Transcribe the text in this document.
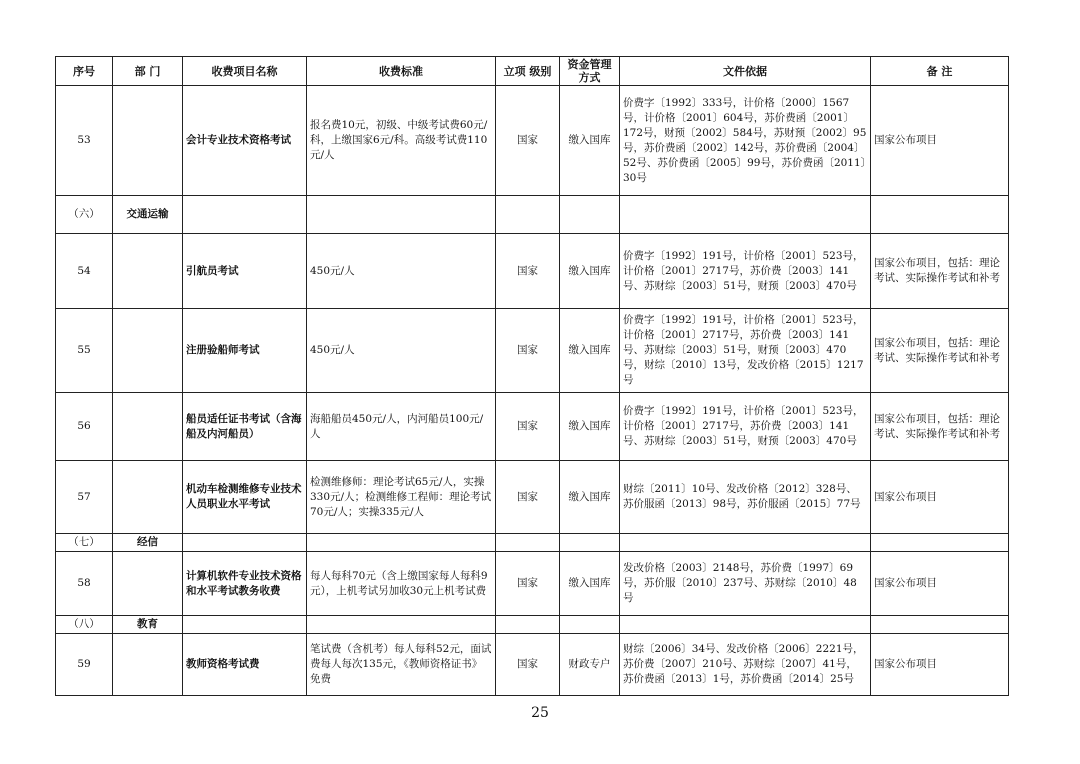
序号	部 门	收费项目名称	收费标准	立项 级别	资金管理方式	文件依据	备 注
53		会计专业技术资格考试	报名费10元，初级、中级考试费60元/科，上缴国家6元/科。高级考试费110元/人	国家	缴入国库	价费字〔1992〕333号，计价格〔2000〕1567号，计价格〔2001〕604号，苏价费函〔2001〕172号，财预〔2002〕584号，苏财预〔2002〕95号，苏价费函〔2002〕142号，苏价费函〔2004〕52号、苏价费函〔2005〕99号，苏价费函〔2011〕30号	国家公布项目
（六）	交通运输						
54		引航员考试	450元/人	国家	缴入国库	价费字〔1992〕191号，计价格〔2001〕523号，计价格〔2001〕2717号，苏价费〔2003〕141号、苏财综〔2003〕51号，财预〔2003〕470号	国家公布项目，包括：理论考试、实际操作考试和补考
55		注册验船师考试	450元/人	国家	缴入国库	价费字〔1992〕191号，计价格〔2001〕523号，计价格〔2001〕2717号，苏价费〔2003〕141号、苏财综〔2003〕51号，财预〔2003〕470号，财综〔2010〕13号，发改价格〔2015〕1217号	国家公布项目，包括：理论考试、实际操作考试和补考
56		船员适任证书考试（含海船及内河船员）	海船船员450元/人，内河船员100元/人	国家	缴入国库	价费字〔1992〕191号，计价格〔2001〕523号，计价格〔2001〕2717号，苏价费〔2003〕141号、苏财综〔2003〕51号，财预〔2003〕470号	国家公布项目，包括：理论考试、实际操作考试和补考
57		机动车检测维修专业技术人员职业水平考试	检测维修师：理论考试65元/人，实操330元/人；检测维修工程师：理论考试70元/人；实操335元/人	国家	缴入国库	财综〔2011〕10号、发改价格〔2012〕328号、苏价服函〔2013〕98号，苏价服函〔2015〕77号	国家公布项目
（七）	经信						
58		计算机软件专业技术资格和水平考试教务收费	每人每科70元（含上缴国家每人每科9元），上机考试另加收30元上机考试费	国家	缴入国库	发改价格〔2003〕2148号，苏价费〔1997〕69号，苏价服〔2010〕237号、苏财综〔2010〕48号	国家公布项目
（八）	教育						
59		教师资格考试费	笔试费（含机考）每人每科52元，面试费每人每次135元，《教师资格证书》免费	国家	财政专户	财综〔2006〕34号、发改价格〔2006〕2221号，苏价费〔2007〕210号、苏财综〔2007〕41号，苏价费函〔2013〕1号，苏价费函〔2014〕25号	国家公布项目
25
